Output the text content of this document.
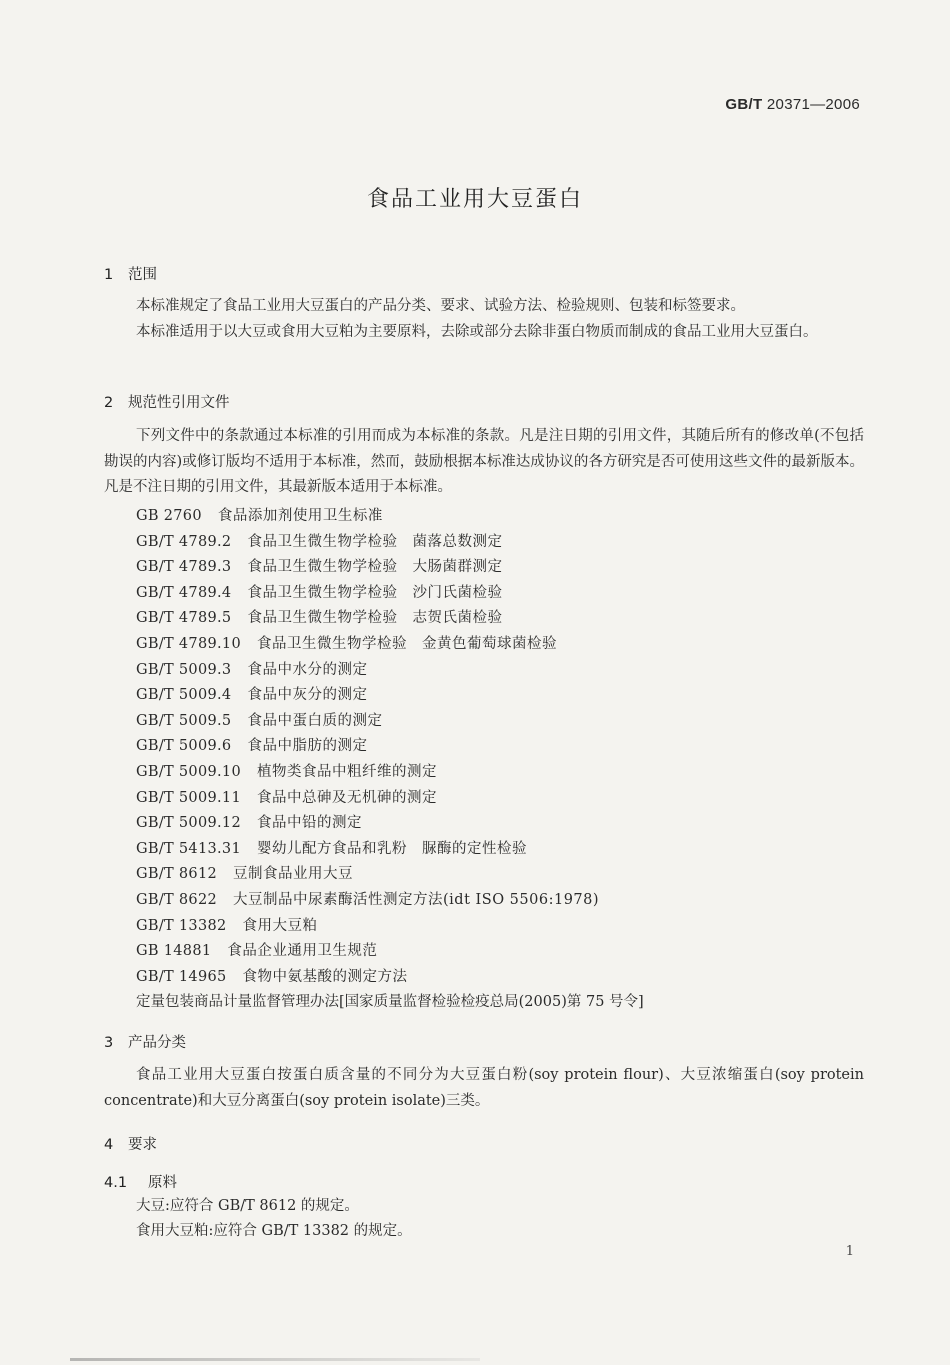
GB/T 20371—2006
食品工业用大豆蛋白
1 范围
本标准规定了食品工业用大豆蛋白的产品分类、要求、试验方法、检验规则、包装和标签要求。
本标准适用于以大豆或食用大豆粕为主要原料，去除或部分去除非蛋白物质而制成的食品工业用大豆蛋白。
2 规范性引用文件
下列文件中的条款通过本标准的引用而成为本标准的条款。凡是注日期的引用文件，其随后所有的修改单(不包括勘误的内容)或修订版均不适用于本标准，然而，鼓励根据本标准达成协议的各方研究是否可使用这些文件的最新版本。凡是不注日期的引用文件，其最新版本适用于本标准。
GB 2760 食品添加剂使用卫生标准
GB/T 4789.2 食品卫生微生物学检验　菌落总数测定
GB/T 4789.3 食品卫生微生物学检验　大肠菌群测定
GB/T 4789.4 食品卫生微生物学检验　沙门氏菌检验
GB/T 4789.5 食品卫生微生物学检验　志贺氏菌检验
GB/T 4789.10 食品卫生微生物学检验　金黄色葡萄球菌检验
GB/T 5009.3 食品中水分的测定
GB/T 5009.4 食品中灰分的测定
GB/T 5009.5 食品中蛋白质的测定
GB/T 5009.6 食品中脂肪的测定
GB/T 5009.10 植物类食品中粗纤维的测定
GB/T 5009.11 食品中总砷及无机砷的测定
GB/T 5009.12 食品中铅的测定
GB/T 5413.31 婴幼儿配方食品和乳粉　脲酶的定性检验
GB/T 8612 豆制食品业用大豆
GB/T 8622 大豆制品中尿素酶活性测定方法(idt ISO 5506:1978)
GB/T 13382 食用大豆粕
GB 14881 食品企业通用卫生规范
GB/T 14965 食物中氨基酸的测定方法
定量包装商品计量监督管理办法[国家质量监督检验检疫总局(2005)第 75 号令]
3 产品分类
食品工业用大豆蛋白按蛋白质含量的不同分为大豆蛋白粉(soy protein flour)、大豆浓缩蛋白(soy protein concentrate)和大豆分离蛋白(soy protein isolate)三类。
4 要求
4.1 原料
大豆:应符合 GB/T 8612 的规定。
食用大豆粕:应符合 GB/T 13382 的规定。
1
